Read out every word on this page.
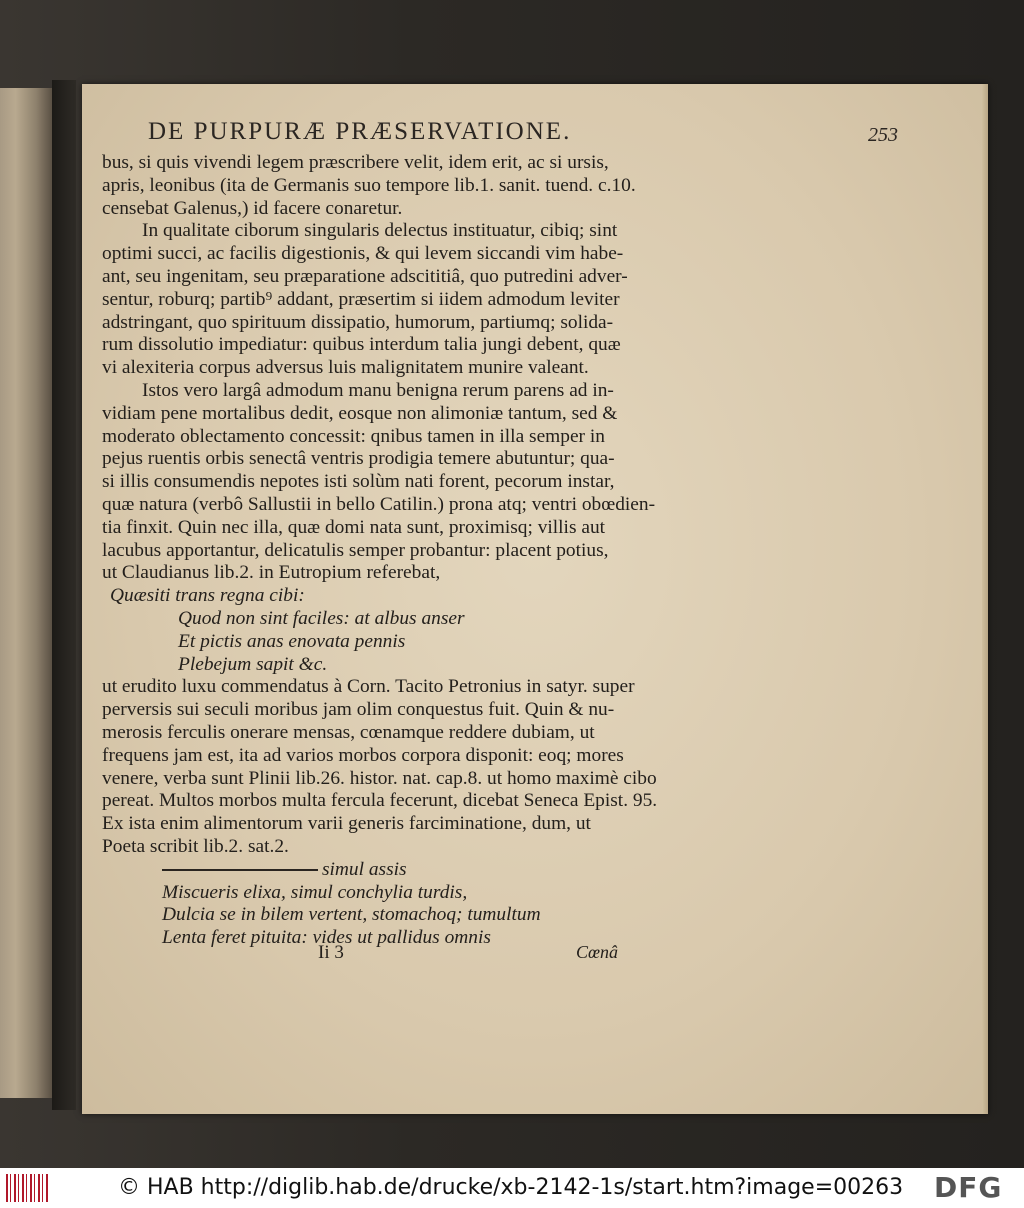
DE PURPURÆ PRÆSERVATIONE.	253
bus, si quis vivendi legem præscribere velit, idem erit, ac si ursis,
apris, leonibus (ita de Germanis suo tempore lib.1. sanit. tuend. c.10.
censebat Galenus,) id facere conaretur.
In qualitate ciborum singularis delectus instituatur, cibiq; sint
optimi succi, ac facilis digestionis, & qui levem siccandi vim habe-
ant, seu ingenitam, seu præparatione adscititiâ, quo putredini adver-
sentur, roburq; partib⁹ addant, præsertim si iidem admodum leviter
adstringant, quo spirituum dissipatio, humorum, partiumq; solida-
rum dissolutio impediatur: quibus interdum talia jungi debent, quæ
vi alexiteria corpus adversus luis malignitatem munire valeant.
Istos vero largâ admodum manu benigna rerum parens ad in-
vidiam pene mortalibus dedit, eosque non alimoniæ tantum, sed &
moderato oblectamento concessit: qnibus tamen in illa semper in
pejus ruentis orbis senectâ ventris prodigia temere abutuntur; qua-
si illis consumendis nepotes isti solùm nati forent, pecorum instar,
quæ natura (verbô Sallustii in bello Catilin.) prona atq; ventri obœdien-
tia finxit. Quin nec illa, quæ domi nata sunt, proximisq; villis aut
lacubus apportantur, delicatulis semper probantur: placent potius,
ut Claudianus lib.2. in Eutropium referebat,
Quæsiti trans regna cibi:
Quod non sint faciles: at albus anser
Et pictis anas enovata pennis
Plebejum sapit &c.
ut erudito luxu commendatus à Corn. Tacito Petronius in satyr. super
perversis sui seculi moribus jam olim conquestus fuit. Quin & nu-
merosis ferculis onerare mensas, cœnamque reddere dubiam, ut
frequens jam est, ita ad varios morbos corpora disponit: eoq; mores
venere, verba sunt Plinii lib.26. histor. nat. cap.8. ut homo maximè cibo
pereat. Multos morbos multa fercula fecerunt, dicebat Seneca Epist. 95.
Ex ista enim alimentorum varii generis farciminatione, dum, ut
Poeta scribit lib.2. sat.2.
simul assis
Miscueris elixa, simul conchylia turdis,
Dulcia se in bilem vertent, stomachoq; tumultum
Lenta feret pituita: vides ut pallidus omnis
Ii 3	Cœnâ
© HAB http://diglib.hab.de/drucke/xb-2142-1s/start.htm?image=00263 DFG
